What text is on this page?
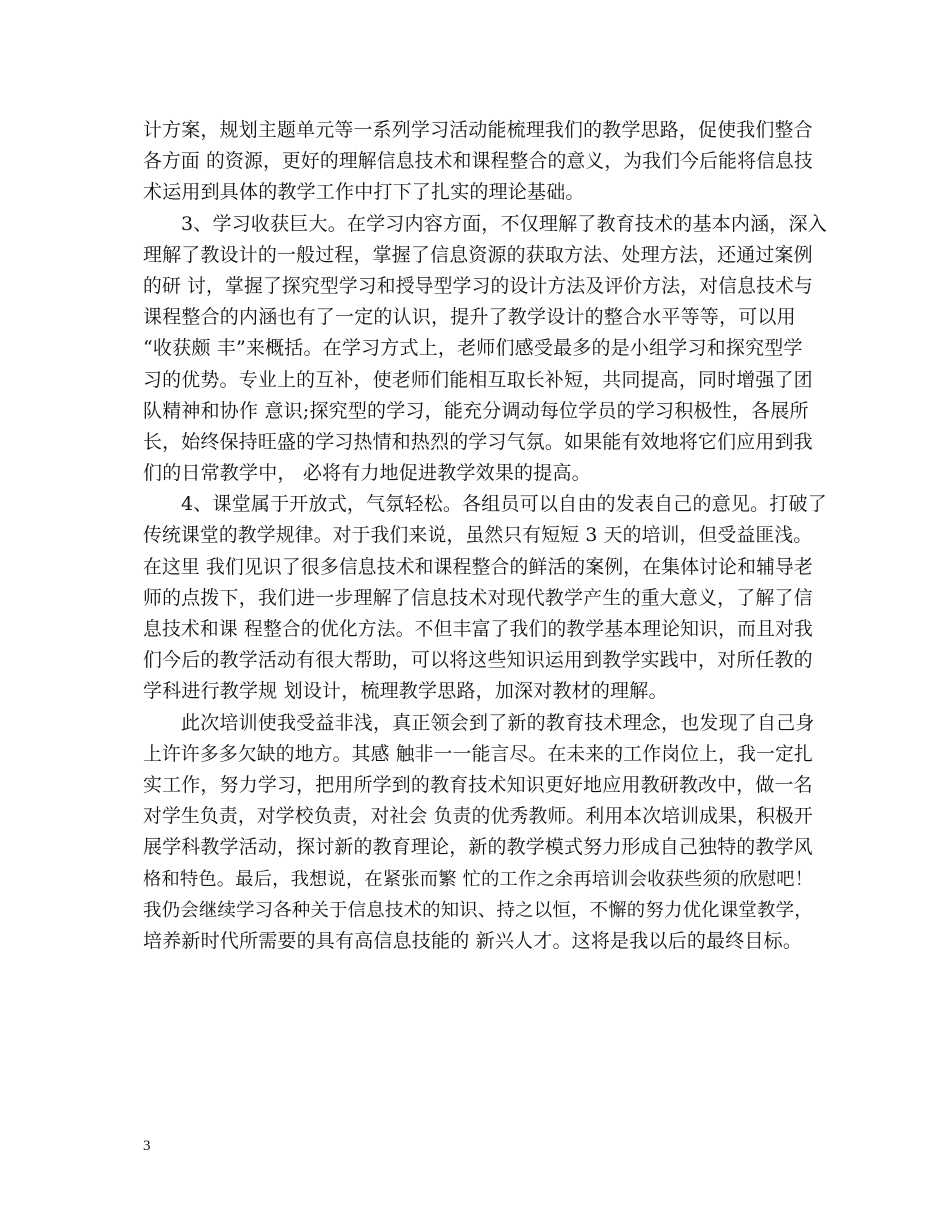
计方案，规划主题单元等一系列学习活动能梳理我们的教学思路，促使我们整合
各方面 的资源，更好的理解信息技术和课程整合的意义，为我们今后能将信息技
术运用到具体的教学工作中打下了扎实的理论基础。
3、学习收获巨大。在学习内容方面，不仅理解了教育技术的基本内涵，深入
理解了教设计的一般过程，掌握了信息资源的获取方法、处理方法，还通过案例
的研 讨，掌握了探究型学习和授导型学习的设计方法及评价方法，对信息技术与
课程整合的内涵也有了一定的认识，提升了教学设计的整合水平等等，可以用
“收获颇 丰”来概括。在学习方式上，老师们感受最多的是小组学习和探究型学
习的优势。专业上的互补，使老师们能相互取长补短，共同提高，同时增强了团
队精神和协作 意识;探究型的学习，能充分调动每位学员的学习积极性，各展所
长，始终保持旺盛的学习热情和热烈的学习气氛。如果能有效地将它们应用到我
们的日常教学中， 必将有力地促进教学效果的提高。
4、课堂属于开放式，气氛轻松。各组员可以自由的发表自己的意见。打破了
传统课堂的教学规律。对于我们来说，虽然只有短短 3 天的培训，但受益匪浅。
在这里 我们见识了很多信息技术和课程整合的鲜活的案例，在集体讨论和辅导老
师的点拨下，我们进一步理解了信息技术对现代教学产生的重大意义，了解了信
息技术和课 程整合的优化方法。不但丰富了我们的教学基本理论知识，而且对我
们今后的教学活动有很大帮助，可以将这些知识运用到教学实践中，对所任教的
学科进行教学规 划设计，梳理教学思路，加深对教材的理解。
此次培训使我受益非浅，真正领会到了新的教育技术理念，也发现了自己身
上许许多多欠缺的地方。其感 触非一一能言尽。在未来的工作岗位上，我一定扎
实工作，努力学习，把用所学到的教育技术知识更好地应用教研教改中，做一名
对学生负责，对学校负责，对社会 负责的优秀教师。利用本次培训成果，积极开
展学科教学活动，探讨新的教育理论，新的教学模式努力形成自己独特的教学风
格和特色。最后，我想说，在紧张而繁 忙的工作之余再培训会收获些须的欣慰吧！
我仍会继续学习各种关于信息技术的知识、持之以恒，不懈的努力优化课堂教学，
培养新时代所需要的具有高信息技能的 新兴人才。这将是我以后的最终目标。
3
